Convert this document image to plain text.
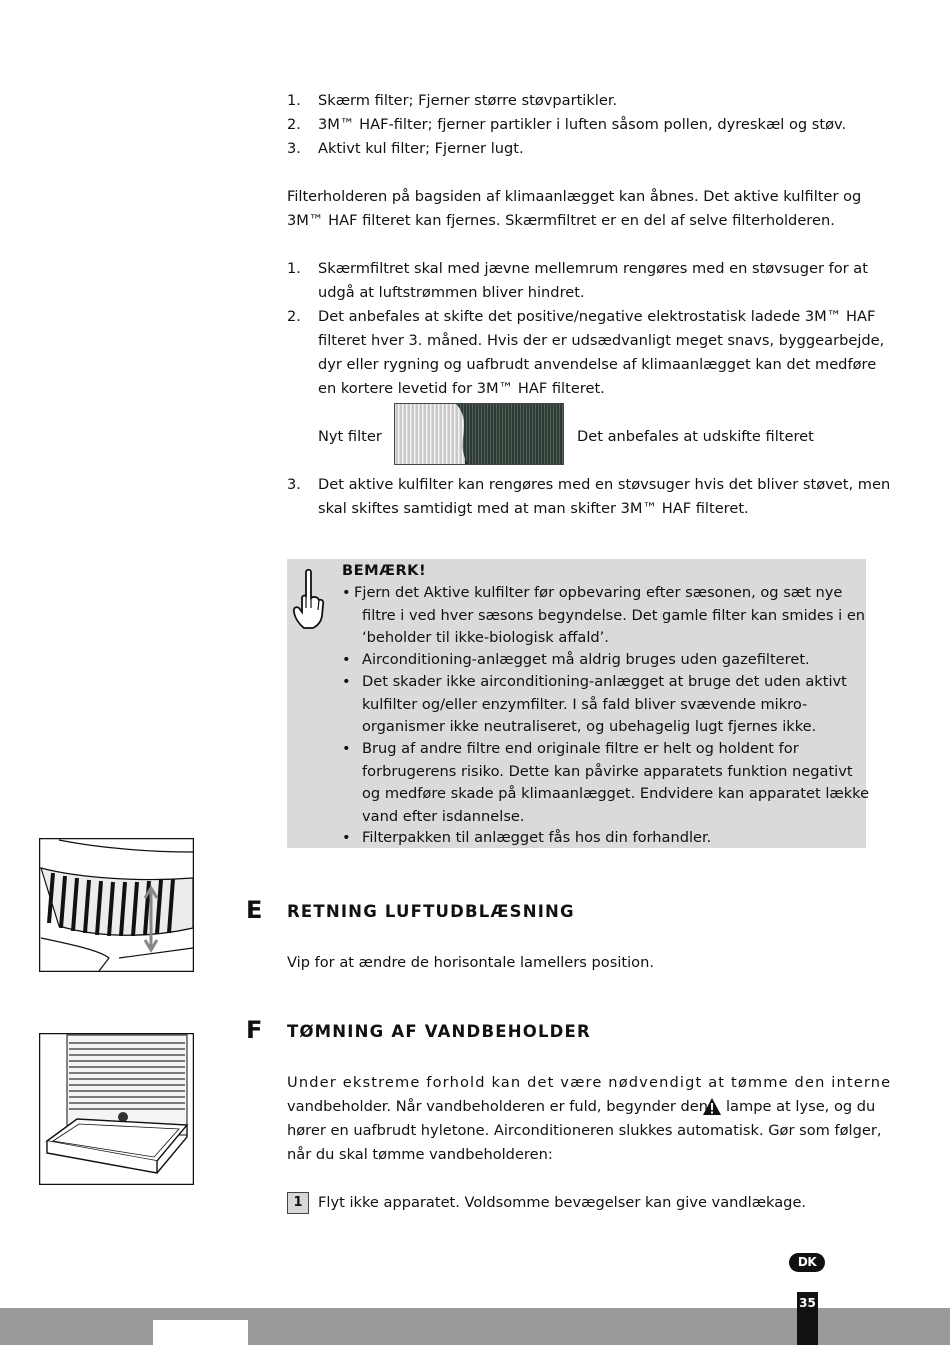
1. Skærm filter; Fjerner større støvpartikler.
2. 3M™ HAF-filter; fjerner partikler i luften såsom pollen, dyreskæl og støv.
3. Aktivt kul filter; Fjerner lugt.
Filterholderen på bagsiden af klimaanlægget kan åbnes. Det aktive kulfilter og
3M™ HAF filteret kan fjernes. Skærmfiltret er en del af selve filterholderen.
1. Skærmfiltret skal med jævne mellemrum rengøres med en støvsuger for at
udgå at luftstrømmen bliver hindret.
2. Det anbefales at skifte det positive/negative elektrostatisk ladede 3M™ HAF
filteret hver 3. måned. Hvis der er udsædvanligt meget snavs, byggearbejde,
dyr eller rygning og uafbrudt anvendelse af klimaanlægget kan det medføre
en kortere levetid for 3M™ HAF filteret.
Nyt filter	Det anbefales at udskifte filteret
3. Det aktive kulfilter kan rengøres med en støvsuger hvis det bliver støvet, men
skal skiftes samtidigt med at man skifter 3M™ HAF filteret.
BEMÆRK!
• Fjern det Aktive kulfilter før opbevaring efter sæsonen, og sæt nye
filtre i ved hver sæsons begyndelse. Det gamle filter kan smides i en
‘beholder til ikke-biologisk affald’.
• Airconditioning-anlægget må aldrig bruges uden gazefilteret.
• Det skader ikke airconditioning-anlægget at bruge det uden aktivt
kulfilter og/eller enzymfilter. I så fald bliver svævende mikro-
organismer ikke neutraliseret, og ubehagelig lugt fjernes ikke.
• Brug af andre filtre end originale filtre er helt og holdent for
forbrugerens risiko. Dette kan påvirke apparatets funktion negativt
og medføre skade på klimaanlægget. Endvidere kan apparatet lække
vand efter isdannelse.
• Filterpakken til anlægget fås hos din forhandler.
E RETNING LUFTUDBLÆSNING
Vip for at ændre de horisontale lamellers position.
F TØMNING AF VANDBEHOLDER
Under ekstreme forhold kan det være nødvendigt at tømme den interne
vandbeholder. Når vandbeholderen er fuld, begynder den lampe at lyse, og du
hører en uafbrudt hyletone. Airconditioneren slukkes automatisk. Gør som følger,
når du skal tømme vandbeholderen:
1	Flyt ikke apparatet. Voldsomme bevægelser kan give vandlækage.
DK
35
